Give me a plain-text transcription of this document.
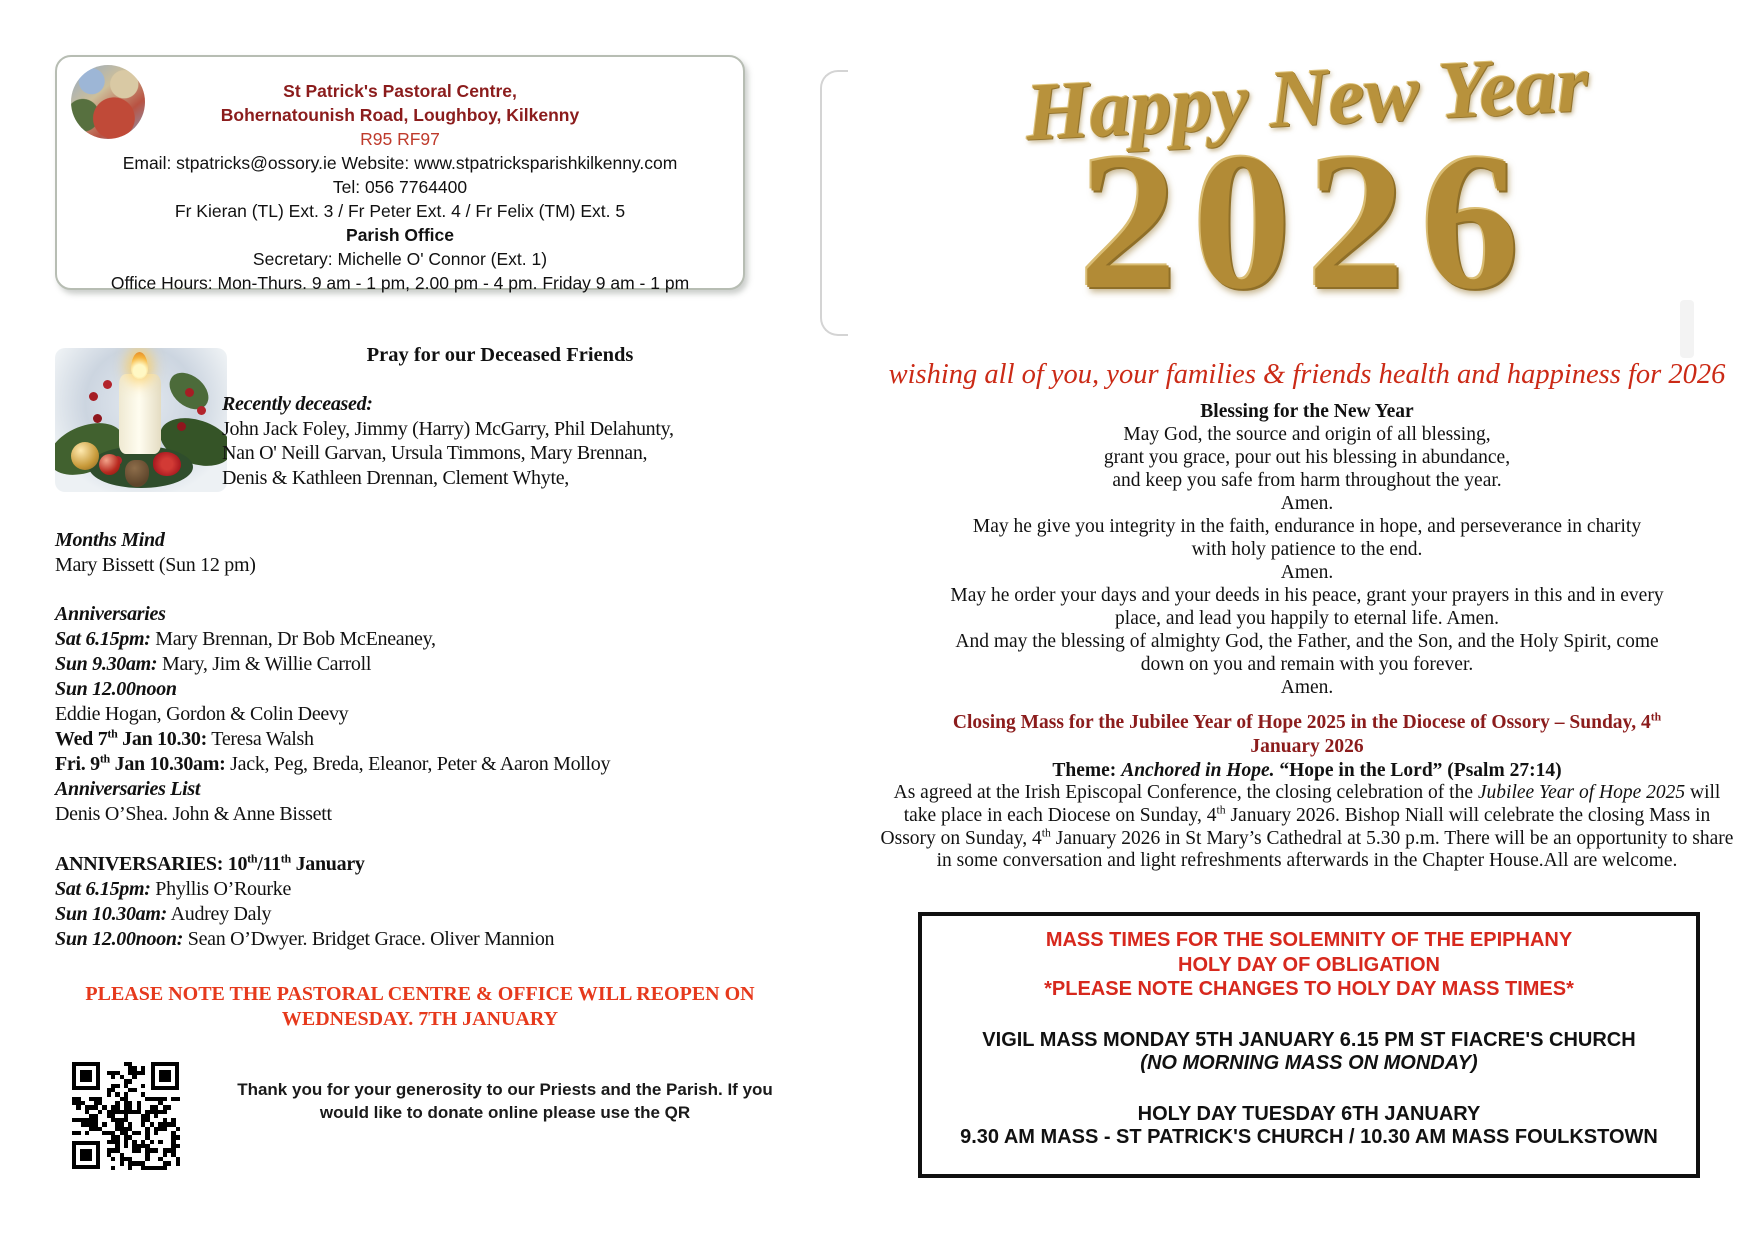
St Patrick's Pastoral Centre,
Bohernatounish Road, Loughboy, Kilkenny
R95 RF97
Email: stpatricks@ossory.ie Website: www.stpatricksparishkilkenny.com
Tel: 056 7764400
Fr Kieran (TL) Ext. 3 / Fr Peter Ext. 4 / Fr Felix (TM) Ext. 5
Parish Office
Secretary: Michelle O' Connor (Ext. 1)
Office Hours: Mon-Thurs. 9 am - 1 pm, 2.00 pm - 4 pm. Friday 9 am - 1 pm
Pray for our Deceased Friends
Recently deceased:
John Jack Foley, Jimmy (Harry) McGarry, Phil Delahunty,
Nan O' Neill Garvan, Ursula Timmons, Mary Brennan,
Denis & Kathleen Drennan, Clement Whyte,
Months Mind
Mary Bissett (Sun 12 pm)
Anniversaries
Sat 6.15pm: Mary Brennan, Dr Bob McEneaney,
Sun 9.30am: Mary, Jim & Willie Carroll
Sun 12.00noon
Eddie Hogan, Gordon & Colin Deevy
Wed 7th Jan 10.30: Teresa Walsh
Fri. 9th Jan 10.30am: Jack, Peg, Breda, Eleanor, Peter & Aaron Molloy
Anniversaries List
Denis O’Shea. John & Anne Bissett
ANNIVERSARIES: 10th/11th January
Sat 6.15pm: Phyllis O’Rourke
Sun 10.30am: Audrey Daly
Sun 12.00noon: Sean O’Dwyer. Bridget Grace. Oliver Mannion
PLEASE NOTE THE PASTORAL CENTRE & OFFICE WILL REOPEN ON
WEDNESDAY. 7TH JANUARY
Thank you for your generosity to our Priests and the Parish. If you
would like to donate online please use the QR
Happy New Year
2026
wishing all of you, your families & friends health and happiness for 2026
Blessing for the New Year
May God, the source and origin of all blessing,
grant you grace, pour out his blessing in abundance,
and keep you safe from harm throughout the year.
Amen.
May he give you integrity in the faith, endurance in hope, and perseverance in charity
with holy patience to the end.
Amen.
May he order your days and your deeds in his peace, grant your prayers in this and in every
place, and lead you happily to eternal life. Amen.
And may the blessing of almighty God, the Father, and the Son, and the Holy Spirit, come
down on you and remain with you forever.
Amen.
Closing Mass for the Jubilee Year of Hope 2025 in the Diocese of Ossory – Sunday, 4th
January 2026
Theme: Anchored in Hope. “Hope in the Lord” (Psalm 27:14)
As agreed at the Irish Episcopal Conference, the closing celebration of the Jubilee Year of Hope 2025 will take place in each Diocese on Sunday, 4th January 2026. Bishop Niall will celebrate the closing Mass in Ossory on Sunday, 4th January 2026 in St Mary’s Cathedral at 5.30 p.m. There will be an opportunity to share in some conversation and light refreshments afterwards in the Chapter House.All are welcome.
MASS TIMES FOR THE SOLEMNITY OF THE EPIPHANY
HOLY DAY OF OBLIGATION
*PLEASE NOTE CHANGES TO HOLY DAY MASS TIMES*
VIGIL MASS MONDAY 5TH JANUARY 6.15 PM ST FIACRE'S CHURCH
(NO MORNING MASS ON MONDAY)
HOLY DAY TUESDAY 6TH JANUARY
9.30 AM MASS - ST PATRICK'S CHURCH / 10.30 AM MASS FOULKSTOWN
